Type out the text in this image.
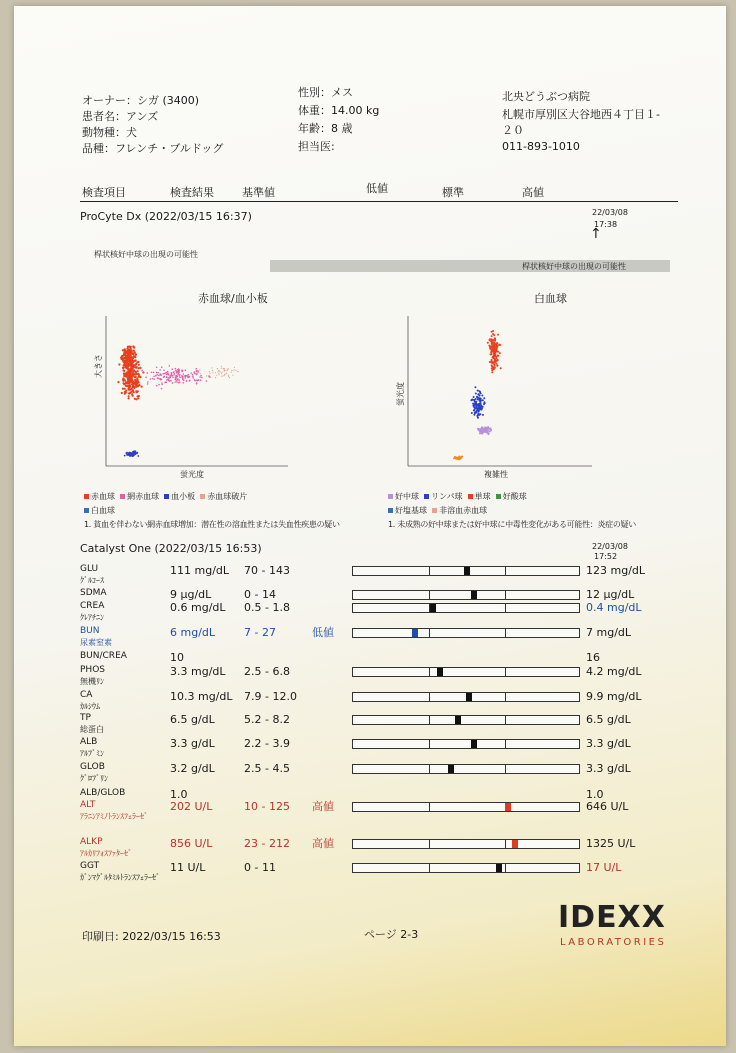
オーナー：シガ (3400)
患者名：アンズ
動物種：犬
品種：フレンチ・ブルドッグ
性別：メス
体重：14.00 kg
年齢：8 歳
担当医:
北央どうぶつ病院
札幌市厚別区大谷地西４丁目１-
２０
011-893-1010
検査項目	検査結果	基準値	低値	標準	高値
ProCyte Dx (2022/03/15 16:37)	22/03/08
17:38
↑
桿状核好中球の出現の可能性
桿状核好中球の出現の可能性
赤血球/血小板	白血球
大きさ
蛍光度
蛍光度
複雑性
赤血球 網赤血球 血小板 赤血球破片
白血球
好中球 リンパ球 単球 好酸球
好塩基球 非溶血赤血球
1. 貧血を伴わない網赤血球増加：潜在性の溶血性または失血性疾患の疑い	1. 未成熟の好中球または好中球に中毒性変化がある可能性：炎症の疑い
Catalyst One (2022/03/15 16:53)	22/03/08
17:52
GLU	111 mg/dL 70 - 143	123 mg/dL
ｸﾞﾙｺｰｽ
SDMA	9 µg/dL	0 - 14	12 µg/dL
CREA	0.6 mg/dL 0.5 - 1.8	0.4 mg/dL
ｸﾚｱﾁﾆﾝ
BUN	6 mg/dL	7 - 27	低値	7 mg/dL
尿素窒素
BUN/CREA	10	16
PHOS	3.3 mg/dL 2.5 - 6.8	4.2 mg/dL
無機ﾘﾝ
CA	10.3 mg/dL 7.9 - 12.0	9.9 mg/dL
ｶﾙｼｳﾑ
TP	6.5 g/dL	5.2 - 8.2	6.5 g/dL
総蛋白
ALB	3.3 g/dL	2.2 - 3.9	3.3 g/dL
ｱﾙﾌﾞﾐﾝ
GLOB	3.2 g/dL	2.5 - 4.5	3.3 g/dL
ｸﾞﾛﾌﾞﾘﾝ
ALB/GLOB	1.0	1.0
ALT	202 U/L	10 - 125 高値	646 U/L
ｱﾗﾆﾝｱﾐﾉﾄﾗﾝｽﾌｪﾗｰｾﾞ
ALKP	856 U/L	23 - 212 高値	1325 U/L
ｱﾙｶﾘﾌｫｽﾌｧﾀｰｾﾞ
GGT	11 U/L	0 - 11	17 U/L
ｶﾞﾝﾏｸﾞﾙﾀﾐﾙﾄﾗﾝｽﾌｪﾗｰｾﾞ
印刷日: 2022/03/15 16:53	ページ 2-3	IDEXX
LABORATORIES
